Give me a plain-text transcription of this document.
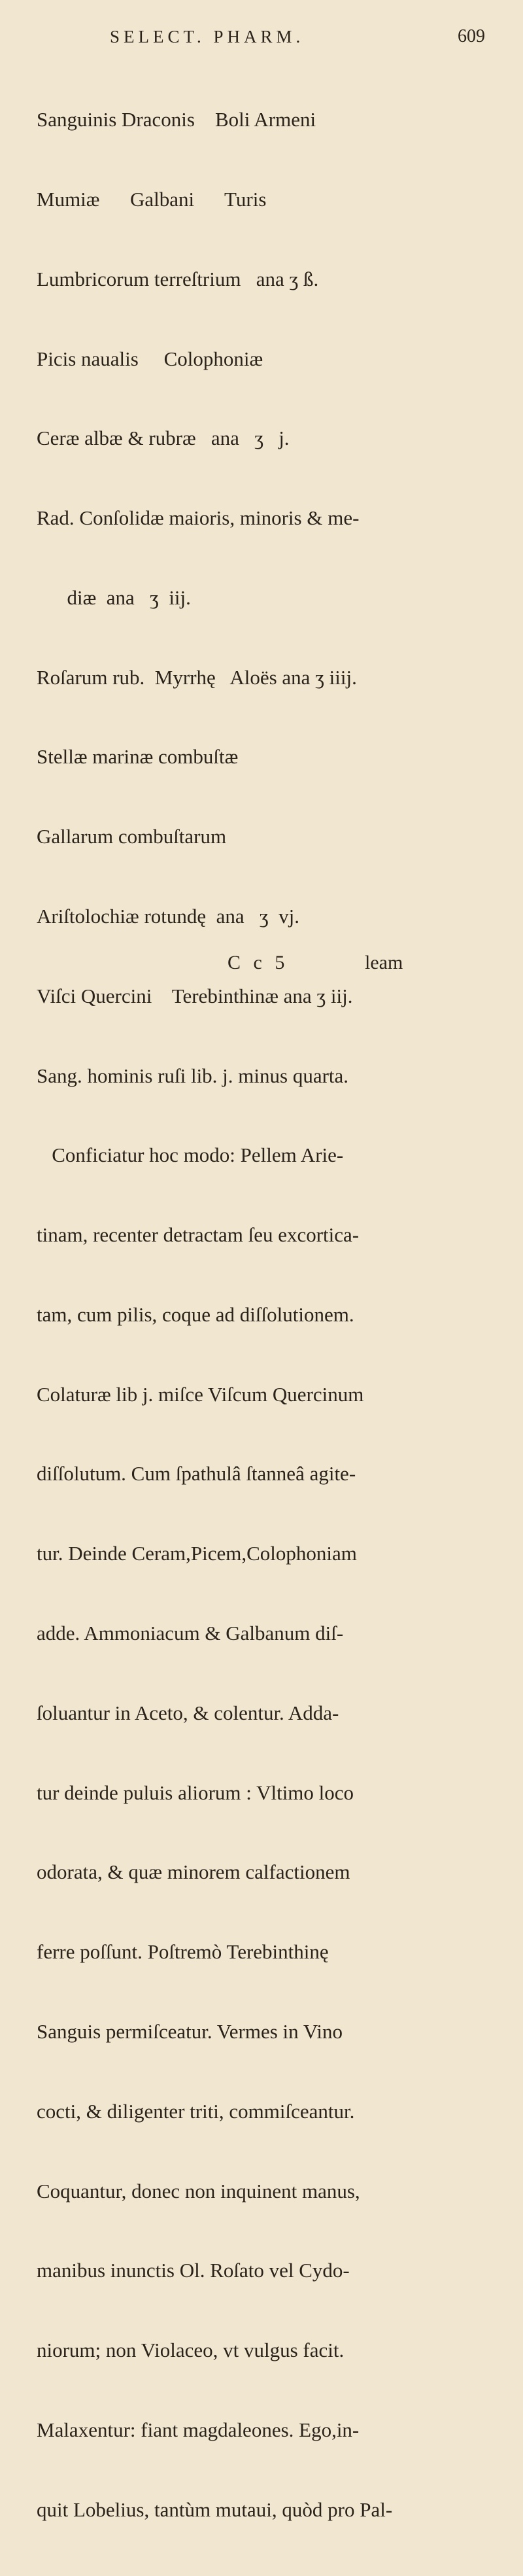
SELECT. PHARM.	609

Sanguinis Draconis    Boli Armeni

Mumiæ      Galbani      Turis

Lumbricorum terreſtrium   ana ʒ ß.

Picis naualis     Colophoniæ

Ceræ albæ & rubræ   ana   ʒ   j.

Rad. Conſolidæ maioris, minoris & me-

diæ  ana   ʒ  iij.

Roſarum rub.  Myrrhę   Aloës ana ʒ iiij.

Stellæ marinæ combuſtæ

Gallarum combuſtarum

Ariſtolochiæ rotundę  ana   ʒ  vj.

Viſci Quercini    Terebinthinæ ana ʒ iij.

Sang. hominis ruſi lib. j. minus quarta.

Conficiatur hoc modo: Pellem Arie-

tinam, recenter detractam ſeu excortica-

tam, cum pilis, coque ad diſſolutionem.

Colaturæ lib j. miſce Viſcum Quercinum

diſſolutum. Cum ſpathulâ ſtanneâ agite-

tur. Deinde Ceram,Picem,Colophoniam

adde. Ammoniacum & Galbanum diſ-

ſoluantur in Aceto, & colentur. Adda-

tur deinde puluis aliorum : Vltimo loco

odorata, & quæ minorem calfactionem

ferre poſſunt. Poſtremò Terebinthinę

Sanguis permiſceatur. Vermes in Vino

cocti, & diligenter triti, commiſceantur.

Coquantur, donec non inquinent manus,

manibus inunctis Ol. Roſato vel Cydo-

niorum; non Violaceo, vt vulgus facit.

Malaxentur: fiant magdaleones. Ego,in-

quit Lobelius, tantùm mutaui, quòd pro Pal-

C c 5	leam
